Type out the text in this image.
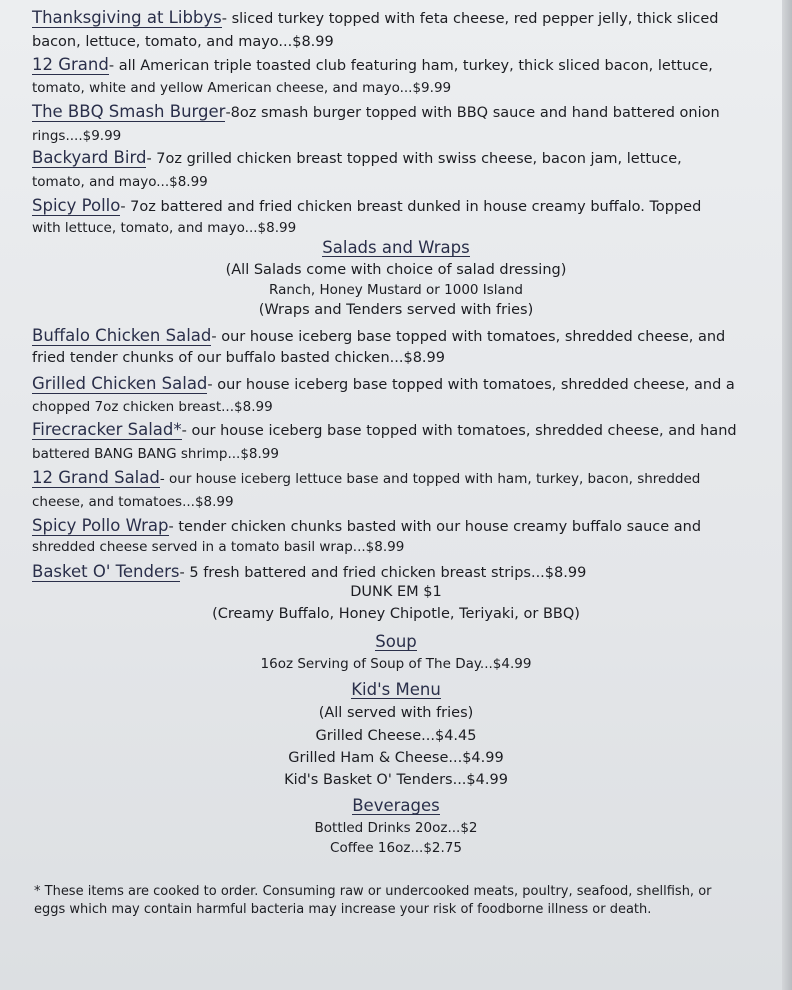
Thanksgiving at Libbys- sliced turkey topped with feta cheese, red pepper jelly, thick sliced
bacon, lettuce, tomato, and mayo...$8.99
12 Grand- all American triple toasted club featuring ham, turkey, thick sliced bacon, lettuce,
tomato, white and yellow American cheese, and mayo...$9.99
The BBQ Smash Burger-8oz smash burger topped with BBQ sauce and hand battered onion
rings....$9.99
Backyard Bird- 7oz grilled chicken breast topped with swiss cheese, bacon jam, lettuce,
tomato, and mayo...$8.99
Spicy Pollo- 7oz battered and fried chicken breast dunked in house creamy buffalo. Topped
with lettuce, tomato, and mayo...$8.99
Salads and Wraps
(All Salads come with choice of salad dressing)
Ranch, Honey Mustard or 1000 Island
(Wraps and Tenders served with fries)
Buffalo Chicken Salad- our house iceberg base topped with tomatoes, shredded cheese, and
fried tender chunks of our buffalo basted chicken...$8.99
Grilled Chicken Salad- our house iceberg base topped with tomatoes, shredded cheese, and a
chopped 7oz chicken breast...$8.99
Firecracker Salad*- our house iceberg base topped with tomatoes, shredded cheese, and hand
battered BANG BANG shrimp...$8.99
12 Grand Salad- our house iceberg lettuce base and topped with ham, turkey, bacon, shredded
cheese, and tomatoes...$8.99
Spicy Pollo Wrap- tender chicken chunks basted with our house creamy buffalo sauce and
shredded cheese served in a tomato basil wrap...$8.99
Basket O' Tenders- 5 fresh battered and fried chicken breast strips...$8.99
DUNK EM $1
(Creamy Buffalo, Honey Chipotle, Teriyaki, or BBQ)
Soup
16oz Serving of Soup of The Day...$4.99
Kid's Menu
(All served with fries)
Grilled Cheese...$4.45
Grilled Ham & Cheese...$4.99
Kid's Basket O' Tenders...$4.99
Beverages
Bottled Drinks 20oz...$2
Coffee 16oz...$2.75
* These items are cooked to order. Consuming raw or undercooked meats, poultry, seafood, shellfish, or
eggs which may contain harmful bacteria may increase your risk of foodborne illness or death.
